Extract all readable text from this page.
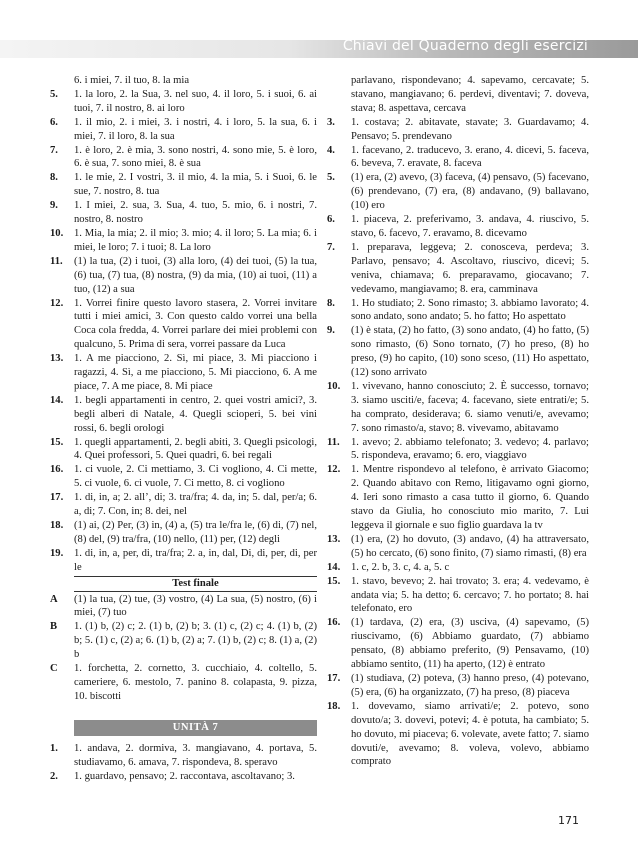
Chiavi del Quaderno degli esercizi
6. i miei, 7. il tuo, 8. la mia
5.	1. la loro, 2. la Sua, 3. nel suo, 4. il loro, 5. i suoi, 6. ai tuoi, 7. il nostro, 8. ai loro
6.	1. il mio, 2. i miei, 3. i nostri, 4. i loro, 5. la sua, 6. i miei, 7. il loro, 8. la sua
7.	1. è loro, 2. è mia, 3. sono nostri, 4. sono mie, 5. è loro, 6. è sua, 7. sono miei, 8. è sua
8.	1. le mie, 2. I vostri, 3. il mio, 4. la mia, 5. i Suoi, 6. le sue, 7. nostro, 8. tua
9.	1. I miei, 2. sua, 3. Sua, 4. tuo, 5. mio, 6. i nostri, 7. nostro, 8. nostro
10.	1. Mia, la mia; 2. il mio; 3. mio; 4. il loro; 5. La mia; 6. i miei, le loro; 7. i tuoi; 8. La loro
11.	(1) la tua, (2) i tuoi, (3) alla loro, (4) dei tuoi, (5) la tua, (6) tua, (7) tua, (8) nostra, (9) da mia, (10) ai tuoi, (11) a tuo, (12) a sua
12.	1. Vorrei finire questo lavoro stasera, 2. Vorrei invitare tutti i miei amici, 3. Con questo caldo vorrei una bella Coca cola fredda, 4. Vorrei parlare dei miei problemi con qualcuno, 5. Prima di sera, vorrei passare da Luca
13.	1. A me piacciono, 2. Sì, mi piace, 3. Mi piacciono i ragazzi, 4. Sì, a me piacciono, 5. Mi piacciono, 6. A me piace, 7. A me piace, 8. Mi piace
14.	1. begli appartamenti in centro, 2. quei vostri amici?, 3. begli alberi di Natale, 4. Quegli scioperi, 5. bei vini rossi, 6. begli orologi
15.	1. quegli appartamenti, 2. begli abiti, 3. Quegli psicologi, 4. Quei professori, 5. Quei quadri, 6. bei regali
16.	1. ci vuole, 2. Ci mettiamo, 3. Ci vogliono, 4. Ci mette, 5. ci vuole, 6. ci vuole, 7. Ci metto, 8. ci vogliono
17.	1. di, in, a; 2. all’, di; 3. tra/fra; 4. da, in; 5. dal, per/a; 6. a, di; 7. Con, in; 8. dei, nel
18.	(1) ai, (2) Per, (3) in, (4) a, (5) tra le/fra le, (6) di, (7) nel, (8) del, (9) tra/fra, (10) nello, (11) per, (12) degli
19.	1. di, in, a, per, di, tra/fra; 2. a, in, dal, Di, di, per, di, per le
Test finale
A	(1) la tua, (2) tue, (3) vostro, (4) La sua, (5) nostro, (6) i miei, (7) tuo
B	1. (1) b, (2) c; 2. (1) b, (2) b; 3. (1) c, (2) c; 4. (1) b, (2) b; 5. (1) c, (2) a; 6. (1) b, (2) a; 7. (1) b, (2) c; 8. (1) a, (2) b
C	1. forchetta, 2. cornetto, 3. cucchiaio, 4. coltello, 5. cameriere, 6. mestolo, 7. panino 8. colapasta, 9. pizza, 10. biscotti
UNITÀ 7
1.	1. andava, 2. dormiva, 3. mangiavano, 4. portava, 5. studiavamo, 6. amava, 7. rispondeva, 8. speravo
2.	1. guardavo, pensavo; 2. raccontava, ascoltavano; 3.
parlavano, rispondevano; 4. sapevamo, cercavate; 5. stavano, mangiavano; 6. perdevi, diventavi; 7. doveva, stava; 8. aspettava, cercava
3.	1. costava; 2. abitavate, stavate; 3. Guardavamo; 4. Pensavo; 5. prendevano
4.	1. facevano, 2. traducevo, 3. erano, 4. dicevi, 5. faceva, 6. beveva, 7. eravate, 8. faceva
5.	(1) era, (2) avevo, (3) faceva, (4) pensavo, (5) facevano, (6) prendevano, (7) era, (8) andavano, (9) ballavano, (10) ero
6.	1. piaceva, 2. preferivamo, 3. andava, 4. riuscivo, 5. stavo, 6. facevo, 7. eravamo, 8. dicevamo
7.	1. preparava, leggeva; 2. conosceva, perdeva; 3. Parlavo, pensavo; 4. Ascoltavo, riuscivo, dicevi; 5. veniva, chiamava; 6. preparavamo, giocavano; 7. vedevamo, mangiavamo; 8. era, camminava
8.	1. Ho studiato; 2. Sono rimasto; 3. abbiamo lavorato; 4. sono andato, sono andato; 5. ho fatto; Ho aspettato
9.	(1) è stata, (2) ho fatto, (3) sono andato, (4) ho fatto, (5) sono rimasto, (6) Sono tornato, (7) ho preso, (8) ho preso, (9) ho capito, (10) sono sceso, (11) Ho aspettato, (12) sono arrivato
10.	1. vivevano, hanno conosciuto; 2. È successo, tornavo; 3. siamo usciti/e, faceva; 4. facevano, siete entrati/e; 5. ha comprato, desiderava; 6. siamo venuti/e, avevamo; 7. sono rimasto/a, stavo; 8. vivevamo, abitavamo
11.	1. avevo; 2. abbiamo telefonato; 3. vedevo; 4. parlavo; 5. rispondeva, eravamo; 6. ero, viaggiavo
12.	1. Mentre rispondevo al telefono, è arrivato Giacomo; 2. Quando abitavo con Remo, litigavamo ogni giorno, 4. Ieri sono rimasto a casa tutto il giorno, 6. Quando stavo da Giulia, ho conosciuto mio marito, 7. Lui leggeva il giornale e suo figlio guardava la tv
13.	(1) era, (2) ho dovuto, (3) andavo, (4) ha attraversato, (5) ho cercato, (6) sono finito, (7) siamo rimasti, (8) era
14.	1. c, 2. b, 3. c, 4. a, 5. c
15.	1. stavo, bevevo; 2. hai trovato; 3. era; 4. vedevamo, è andata via; 5. ha detto; 6. cercavo; 7. ho portato; 8. hai telefonato, ero
16.	(1) tardava, (2) era, (3) usciva, (4) sapevamo, (5) riuscivamo, (6) Abbiamo guardato, (7) abbiamo pensato, (8) abbiamo preferito, (9) Pensavamo, (10) abbiamo sentito, (11) ha aperto, (12) è entrato
17.	(1) studiava, (2) poteva, (3) hanno preso, (4) potevano, (5) era, (6) ha organizzato, (7) ha preso, (8) piaceva
18.	1. dovevamo, siamo arrivati/e; 2. potevo, sono dovuto/a; 3. dovevi, potevi; 4. è potuta, ha cambiato; 5. ho dovuto, mi piaceva; 6. volevate, avete fatto; 7. siamo dovuti/e, avevamo; 8. voleva, volevo, abbiamo comprato
171
